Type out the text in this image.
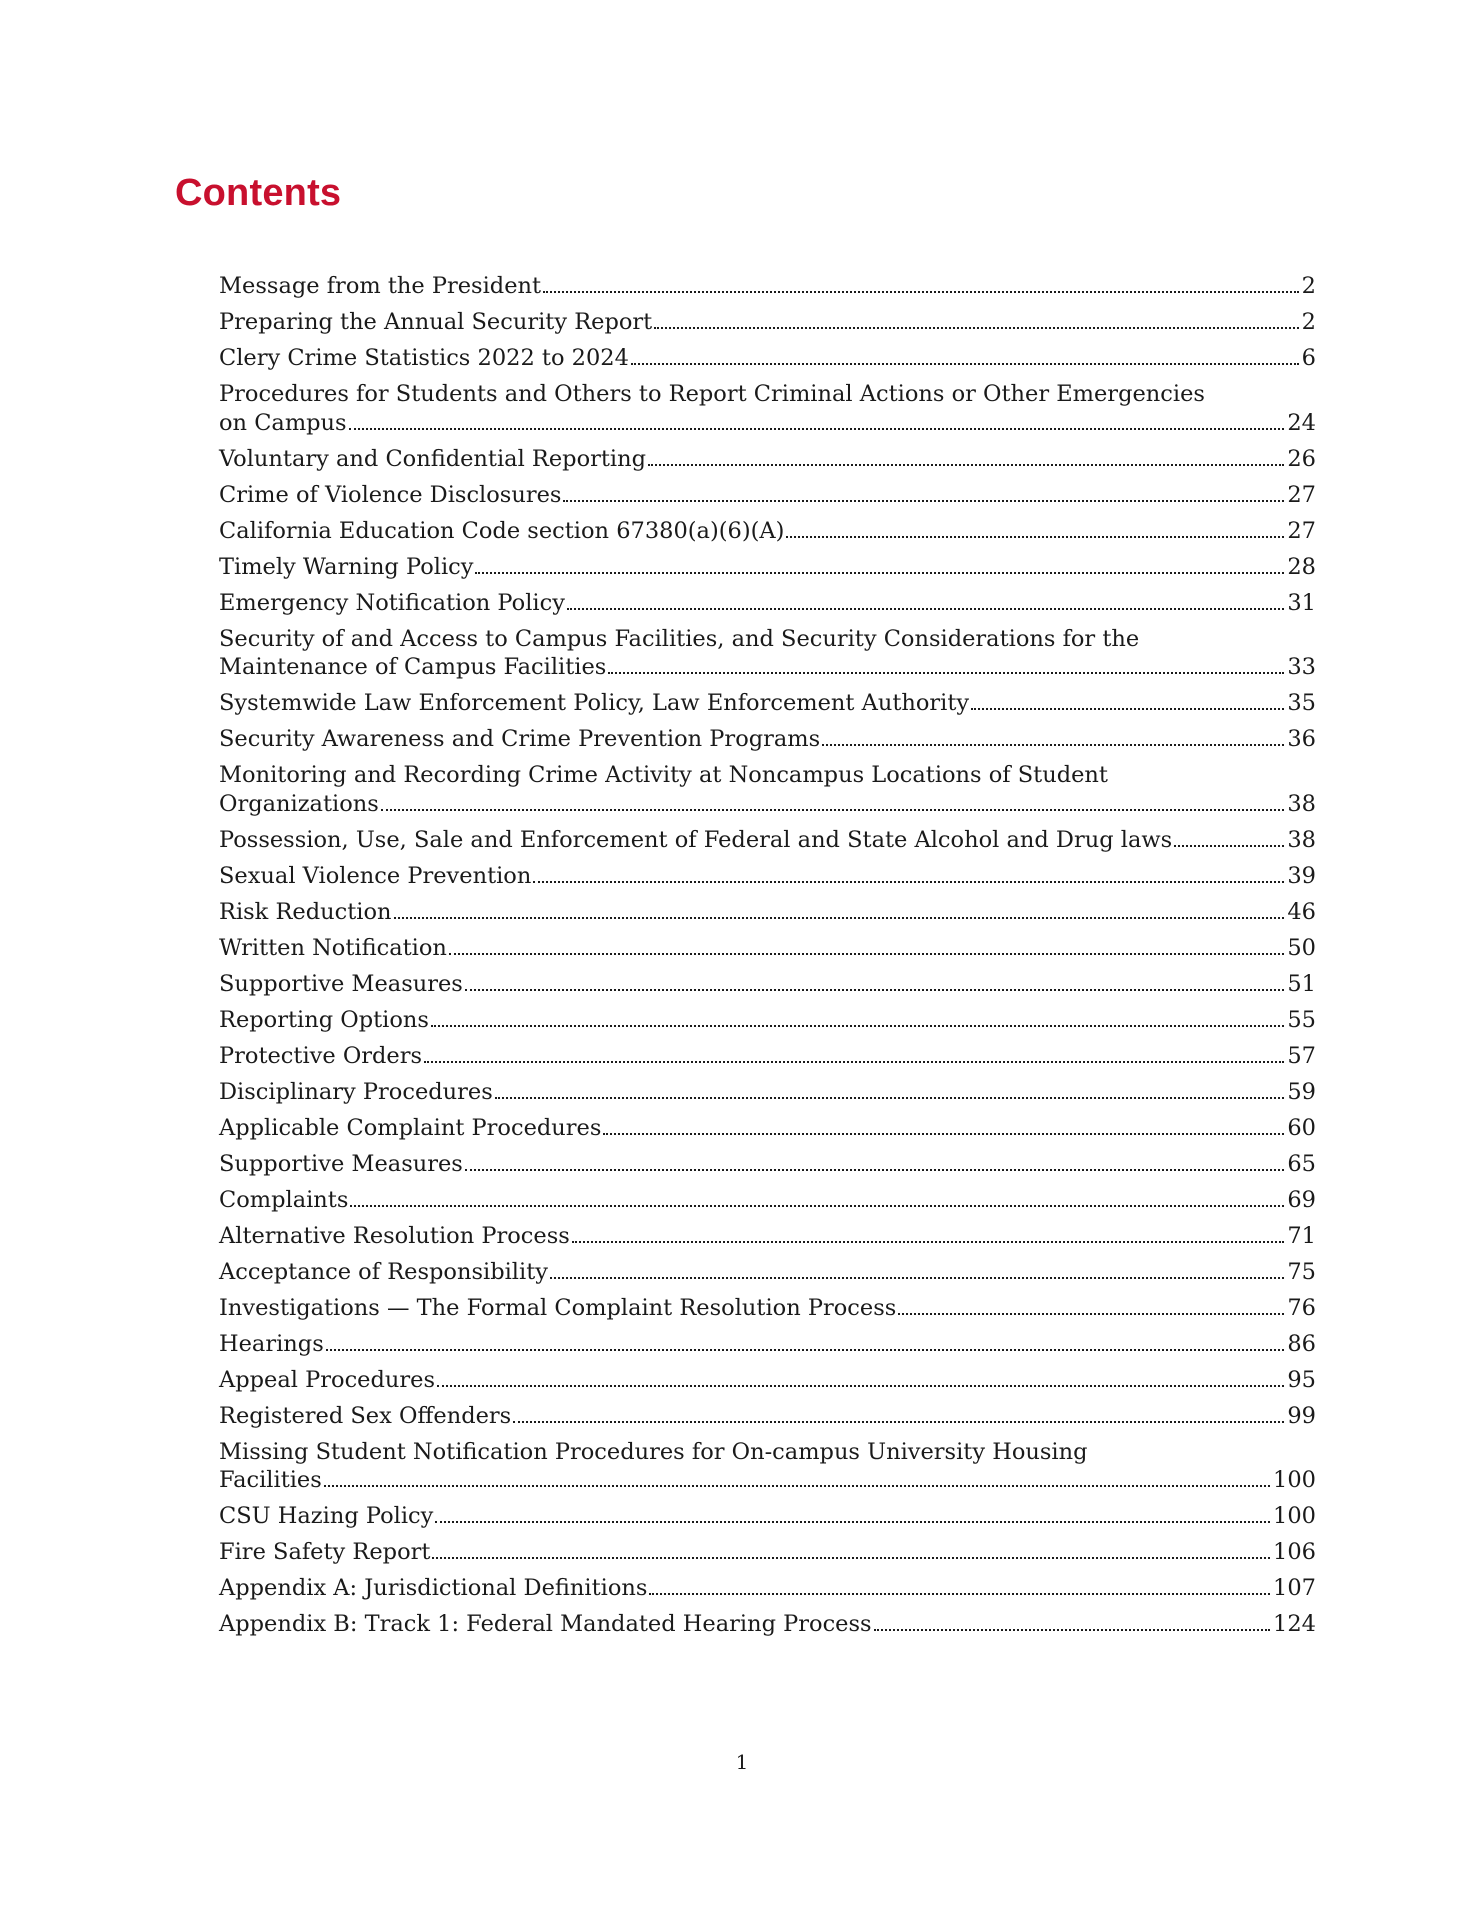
Contents
Message from the President	2
Preparing the Annual Security Report	2
Clery Crime Statistics 2022 to 2024	6
Procedures for Students and Others to Report Criminal Actions or Other Emergencies
on Campus	24
Voluntary and Confidential Reporting	26
Crime of Violence Disclosures	27
California Education Code section 67380(a)(6)(A)	27
Timely Warning Policy	28
Emergency Notification Policy	31
Security of and Access to Campus Facilities, and Security Considerations for the
Maintenance of Campus Facilities	33
Systemwide Law Enforcement Policy, Law Enforcement Authority	35
Security Awareness and Crime Prevention Programs	36
Monitoring and Recording Crime Activity at Noncampus Locations of Student
Organizations	38
Possession, Use, Sale and Enforcement of Federal and State Alcohol and Drug laws	38
Sexual Violence Prevention	39
Risk Reduction	46
Written Notification	50
Supportive Measures	51
Reporting Options	55
Protective Orders	57
Disciplinary Procedures	59
Applicable Complaint Procedures	60
Supportive Measures	65
Complaints	69
Alternative Resolution Process	71
Acceptance of Responsibility	75
Investigations — The Formal Complaint Resolution Process	76
Hearings	86
Appeal Procedures	95
Registered Sex Offenders	99
Missing Student Notification Procedures for On-campus University Housing
Facilities	100
CSU Hazing Policy	100
Fire Safety Report	106
Appendix A: Jurisdictional Definitions	107
Appendix B: Track 1: Federal Mandated Hearing Process	124
1
